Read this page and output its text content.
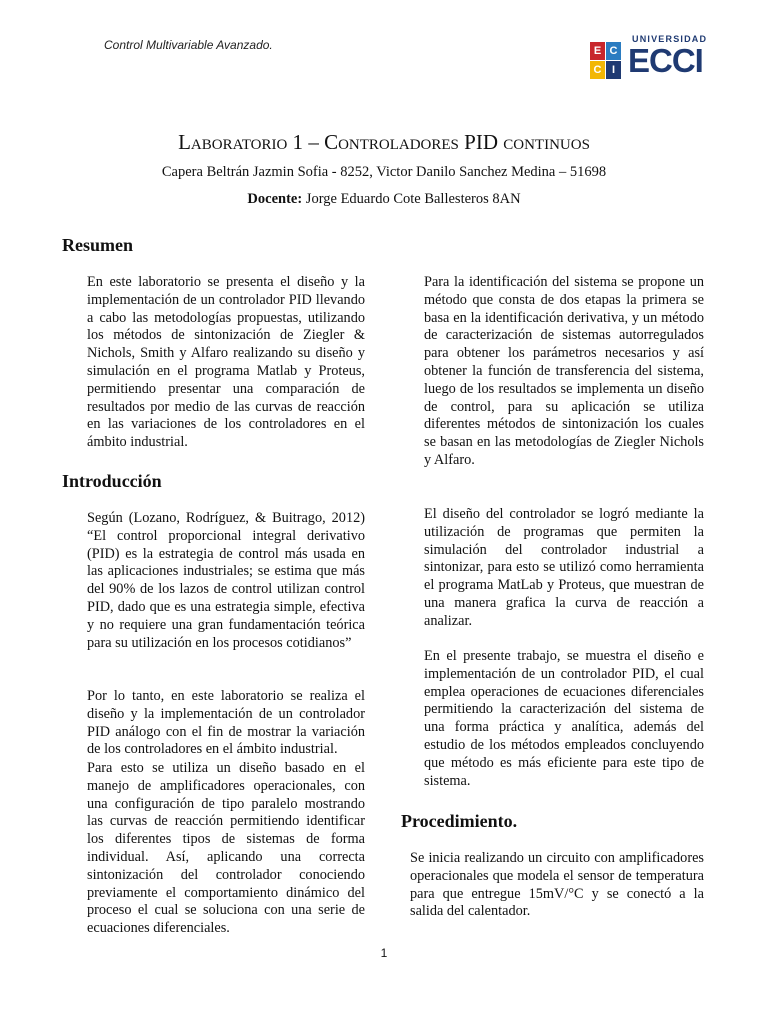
Control Multivariable Avanzado.	E C
C I
UNIVERSIDAD
ECCI
Laboratorio 1 – Controladores PID continuos
Capera Beltrán Jazmin Sofia - 8252, Victor Danilo Sanchez Medina – 51698
Docente: Jorge Eduardo Cote Ballesteros 8AN
Resumen

En este laboratorio se presenta el diseño y la implementación de un controlador PID llevando a cabo las metodologías propuestas, utilizando los métodos de sintonización de Ziegler & Nichols, Smith y Alfaro realizando su diseño y simulación en el programa Matlab y Proteus, permitiendo presentar una comparación de resultados por medio de las curvas de reacción en las variaciones de los controladores en el ámbito industrial.

Introducción

Según (Lozano, Rodríguez, & Buitrago, 2012) “El control proporcional integral derivativo (PID) es la estrategia de control más usada en las aplicaciones industriales; se estima que más del 90% de los lazos de control utilizan control PID, dado que es una estrategia simple, efectiva y no requiere una gran fundamentación teórica para su utilización en los procesos cotidianos”

Por lo tanto, en este laboratorio se realiza el diseño y la implementación de un controlador PID análogo con el fin de mostrar la variación de los controladores en el ámbito industrial.

Para esto se utiliza un diseño basado en el manejo de amplificadores operacionales, con una configuración de tipo paralelo mostrando las curvas de reacción permitiendo identificar los diferentes tipos de sistemas de forma individual. Así, aplicando una correcta sintonización del controlador conociendo previamente el comportamiento dinámico del proceso el cual se soluciona con una serie de ecuaciones diferenciales.

Para la identificación del sistema se propone un método que consta de dos etapas la primera se basa en la identificación derivativa, y un método de caracterización de sistemas autorregulados para obtener los parámetros necesarios y así obtener la función de transferencia del sistema, luego de los resultados se implementa un diseño de control, para su aplicación se utiliza diferentes métodos de sintonización los cuales se basan en las metodologías de Ziegler Nichols y Alfaro.

El diseño del controlador se logró mediante la utilización de programas que permiten la simulación del controlador industrial a sintonizar, para esto se utilizó como herramienta el programa MatLab y Proteus, que muestran de una manera grafica la curva de reacción a analizar.

En el presente trabajo, se muestra el diseño e implementación de un controlador PID, el cual emplea operaciones de ecuaciones diferenciales permitiendo la caracterización del sistema de una forma práctica y analítica, además del estudio de los métodos empleados concluyendo que método es más eficiente para este tipo de sistema.

Procedimiento.

Se inicia realizando un circuito con amplificadores operacionales que modela el sensor de temperatura para que entregue 15mV/°C y se conectó a la salida del calentador.

1
